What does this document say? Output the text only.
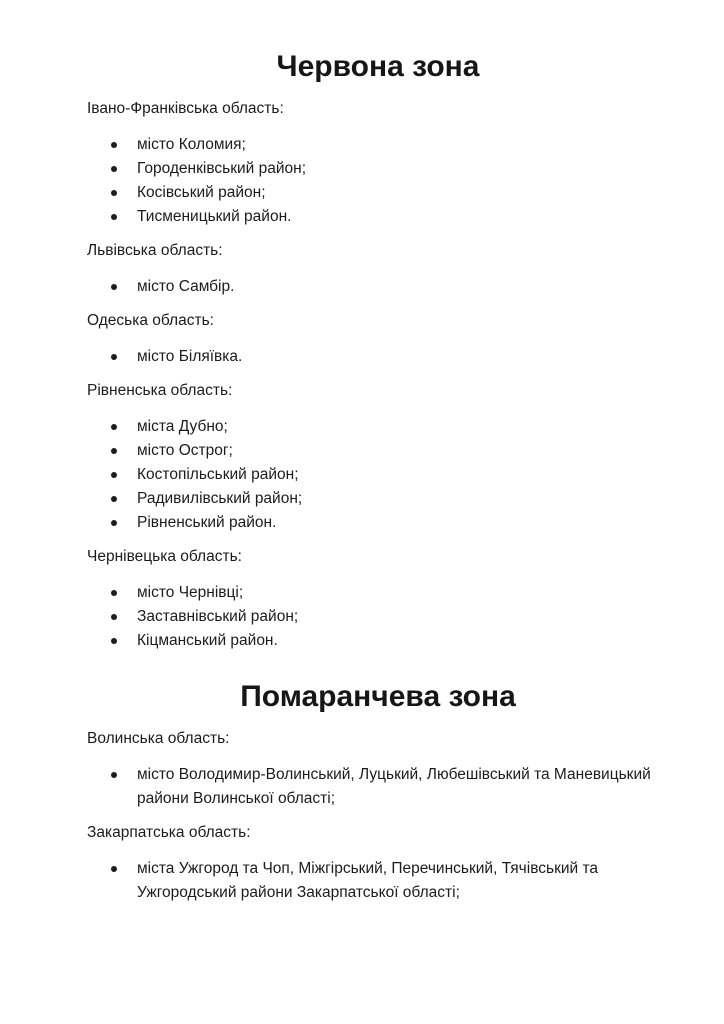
Червона зона

Івано-Франківська область:

місто Коломия;
Городенківський район;
Косівський район;
Тисменицький район.

Львівська область:

місто Самбір.

Одеська область:

місто Біляївка.

Рівненська область:

міста Дубно;
місто Острог;
Костопільський район;
Радивилівський район;
Рівненський район.

Чернівецька область:

місто Чернівці;
Заставнівський район;
Кіцманський район.
Помаранчева зона

Волинська область:

місто Володимир-Волинський, Луцький, Любешівський та Маневицький райони Волинської області;

Закарпатська область:

міста Ужгород та Чоп, Міжгірський, Перечинський, Тячівський та Ужгородський райони Закарпатської області;
